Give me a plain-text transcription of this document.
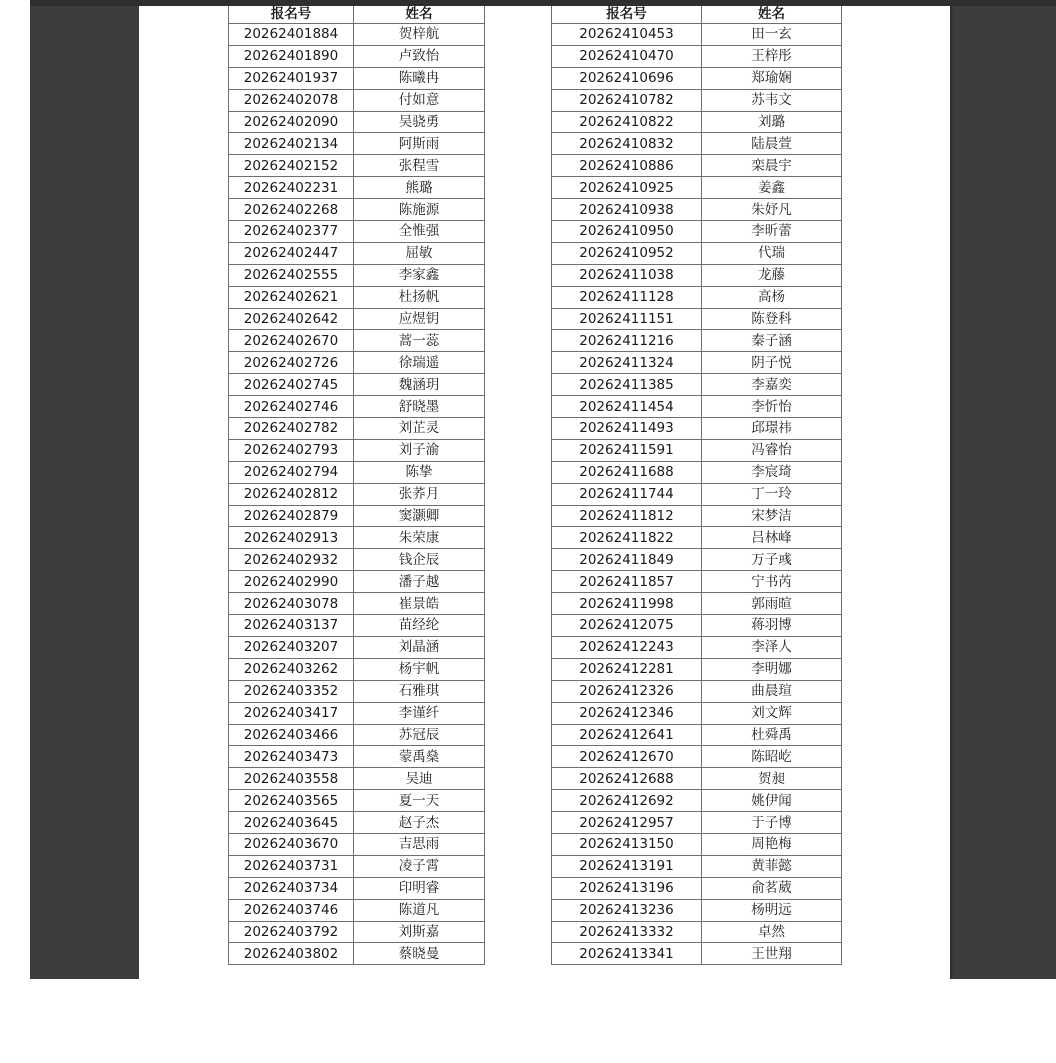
报名号	姓名
20262401884	贺梓航
20262401890	卢致怡
20262401937	陈曦冉
20262402078	付如意
20262402090	吴骁勇
20262402134	阿斯雨
20262402152	张程雪
20262402231	熊璐
20262402268	陈施源
20262402377	全惟强
20262402447	屈敏
20262402555	李家鑫
20262402621	杜扬帆
20262402642	应煜钥
20262402670	蒿一蕊
20262402726	徐瑞遥
20262402745	魏涵玥
20262402746	舒晓墨
20262402782	刘芷灵
20262402793	刘子渝
20262402794	陈挚
20262402812	张荞月
20262402879	窦灏卿
20262402913	朱荣康
20262402932	钱企辰
20262402990	潘子越
20262403078	崔景皓
20262403137	苗经纶
20262403207	刘晶涵
20262403262	杨宇帆
20262403352	石雅琪
20262403417	李谨纤
20262403466	苏冠辰
20262403473	蒙禹燊
20262403558	吴迪
20262403565	夏一天
20262403645	赵子杰
20262403670	吉思雨
20262403731	凌子霄
20262403734	印明睿
20262403746	陈道凡
20262403792	刘斯嘉
20262403802	蔡晓曼
报名号	姓名
20262410453	田一玄
20262410470	王梓彤
20262410696	郑瑜娴
20262410782	苏韦文
20262410822	刘璐
20262410832	陆晨萱
20262410886	栾晨宇
20262410925	姜鑫
20262410938	朱妤凡
20262410950	李昕蕾
20262410952	代瑞
20262411038	龙藤
20262411128	高杨
20262411151	陈登科
20262411216	秦子涵
20262411324	阴子悦
20262411385	李嘉奕
20262411454	李忻怡
20262411493	邱璟祎
20262411591	冯睿怡
20262411688	李宸琦
20262411744	丁一玲
20262411812	宋梦洁
20262411822	吕林峰
20262411849	万子彧
20262411857	宁书芮
20262411998	郭雨暄
20262412075	蒋羽博
20262412243	李泽人
20262412281	李明娜
20262412326	曲晨瑄
20262412346	刘文辉
20262412641	杜舜禹
20262412670	陈昭屹
20262412688	贺昶
20262412692	姚伊闻
20262412957	于子博
20262413150	周艳梅
20262413191	黄菲懿
20262413196	俞茗葳
20262413236	杨明远
20262413332	卓然
20262413341	王世翔
